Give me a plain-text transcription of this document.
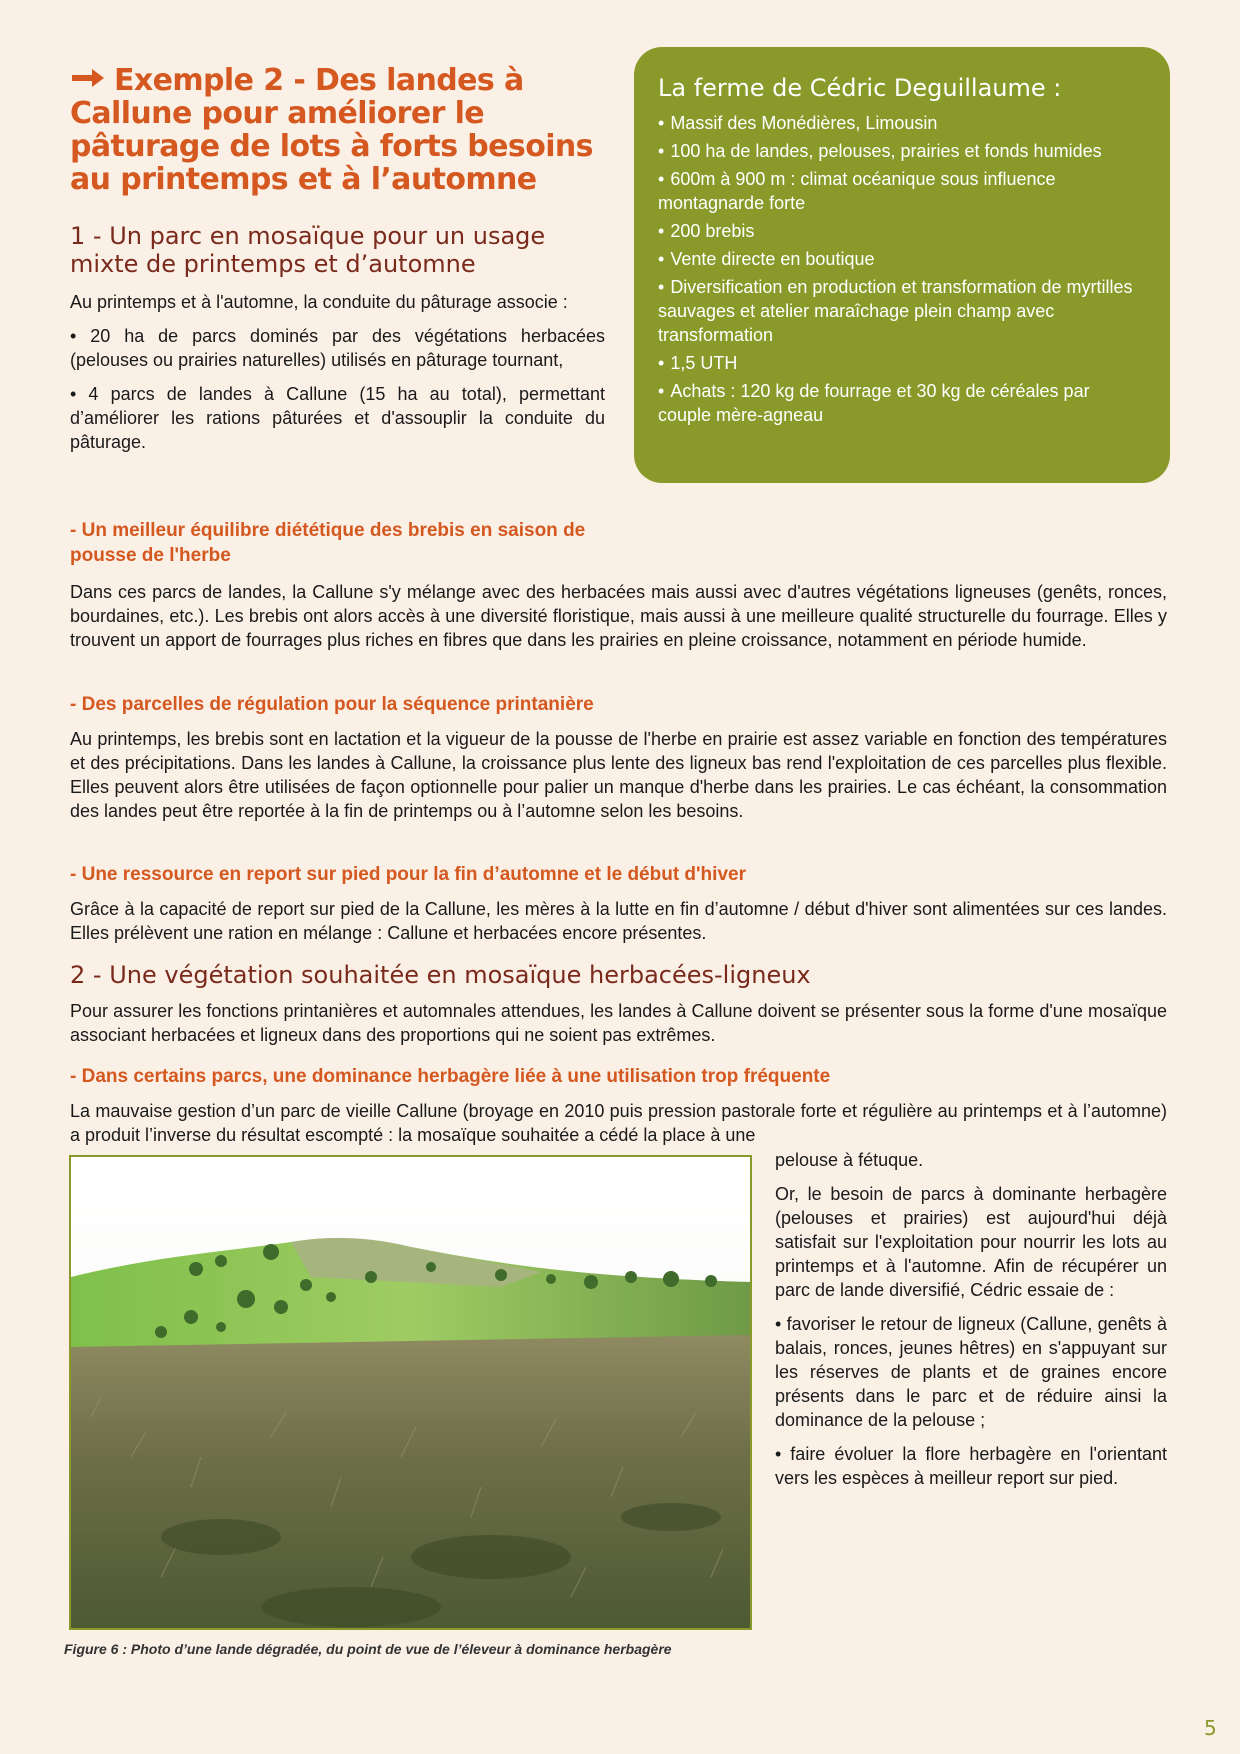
Exemple 2 - Des landes à Callune pour améliorer le pâturage de lots à forts besoins au printemps et à l’automne
1 - Un parc en mosaïque pour un usage mixte de printemps et d’automne

Au printemps et à l'automne, la conduite du pâturage associe :

• 20 ha de parcs dominés par des végétations herbacées (pelouses ou prairies naturelles) utilisés en pâturage tournant,

• 4 parcs de landes à Callune (15 ha au total), permettant d’améliorer les rations pâturées et d'assouplir la conduite du pâturage.

La ferme de Cédric Deguillaume :
• Massif des Monédières, Limousin
• 100 ha de landes, pelouses, prairies et fonds humides
• 600m à 900 m : climat océanique sous influence montagnarde forte
• 200 brebis
• Vente directe en boutique
• Diversification en production et transformation de myrtilles sauvages et atelier maraîchage plein champ avec transformation
• 1,5 UTH
• Achats : 120 kg de fourrage et 30 kg de céréales par couple mère-agneau

- Un meilleur équilibre diététique des brebis en saison de pousse de l'herbe

Dans ces parcs de landes, la Callune s'y mélange avec des herbacées mais aussi avec d'autres végétations ligneuses (genêts, ronces, bourdaines, etc.). Les brebis ont alors accès à une diversité floristique, mais aussi à une meilleure qualité structurelle du fourrage. Elles y trouvent un apport de fourrages plus riches en fibres que dans les prairies en pleine croissance, notamment en période humide.

- Des parcelles de régulation pour la séquence printanière

Au printemps, les brebis sont en lactation et la vigueur de la pousse de l'herbe en prairie est assez variable en fonction des températures et des précipitations. Dans les landes à Callune, la croissance plus lente des ligneux bas rend l'exploitation de ces parcelles plus flexible. Elles peuvent alors être utilisées de façon optionnelle pour palier un manque d'herbe dans les prairies. Le cas échéant, la consommation des landes peut être reportée à la fin de printemps ou à l’automne selon les besoins.

- Une ressource en report sur pied pour la fin d’automne et le début d'hiver

Grâce à la capacité de report sur pied de la Callune, les mères à la lutte en fin d’automne / début d'hiver sont alimentées sur ces landes. Elles prélèvent une ration en mélange : Callune et herbacées encore présentes.

2 - Une végétation souhaitée en mosaïque herbacées-ligneux

Pour assurer les fonctions printanières et automnales attendues, les landes à Callune doivent se présenter sous la forme d'une mosaïque associant herbacées et ligneux dans des proportions qui ne soient pas extrêmes.

- Dans certains parcs, une dominance herbagère liée à une utilisation trop fréquente

La mauvaise gestion d’un parc de vieille Callune (broyage en 2010 puis pression pastorale forte et régulière au printemps et à l’automne) a produit l’inverse du résultat escompté : la mosaïque souhaitée a cédé la place à une

Figure 6 : Photo d’une lande dégradée, du point de vue de l’éleveur à dominance herbagère

pelouse à fétuque.

Or, le besoin de parcs à dominante herbagère (pelouses et prairies) est aujourd'hui déjà satisfait sur l'exploitation pour nourrir les lots au printemps et à l'automne. Afin de récupérer un parc de lande diversifié, Cédric essaie de :

• favoriser le retour de ligneux (Callune, genêts à balais, ronces, jeunes hêtres) en s'appuyant sur les réserves de plants et de graines encore présents dans le parc et de réduire ainsi la dominance de la pelouse ;

• faire évoluer la flore herbagère en l'orientant vers les espèces à meilleur report sur pied.

5
